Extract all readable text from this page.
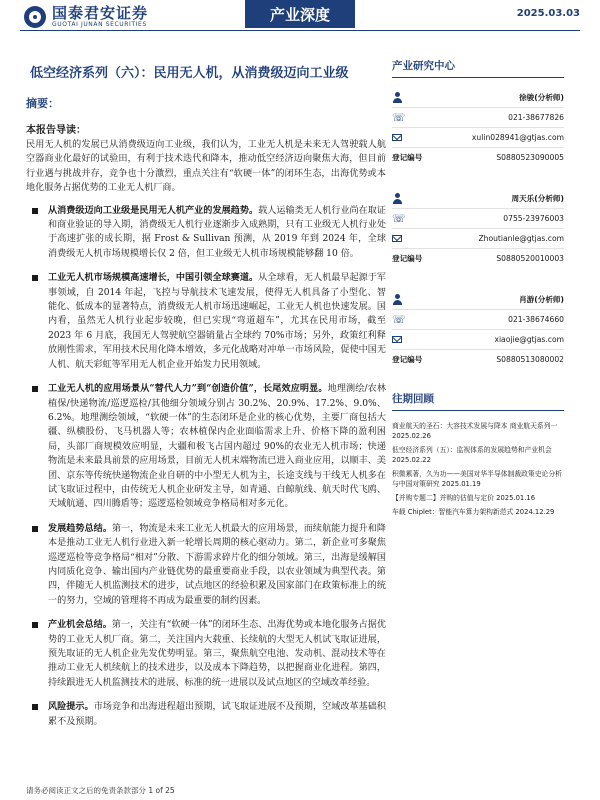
国泰君安证券
GUOTAI JUNAN SECURITIES
产业深度	2025.03.03
低空经济系列（六）：民用无人机，从消费级迈向工业级
摘要：
本报告导读：

民用无人机的发展已从消费级迈向工业级，我们认为，工业无人机是未来无人驾驶载人航空器商业化最好的试验田，有利于技术迭代和降本，推动低空经济迈向聚焦大海，但目前行业遇与挑战并存，竞争也十分激烈，重点关注有“软硬一体”的闭环生态，出海优势或本地化服务占据优势的工业无人机厂商。

从消费级迈向工业级是民用无人机产业的发展趋势。载人运输类无人机行业尚在取证和商业验证的导入期，消费级无人机行业逐渐步入成熟期，只有工业级无人机行业处于高速扩张的成长期，据 Frost & Sullivan 预测，从 2019 年到 2024 年，全球消费级无人机市场规模增长仅 2 倍，但工业级无人机市场规模能够翻 10 倍。
工业无人机市场规模高速增长，中国引领全球赛道。从全球看，无人机最早起源于军事领域，自 2014 年起，飞控与导航技术飞速发展，使得无人机具备了小型化、智能化、低成本的显著特点，消费级无人机市场迅速崛起，工业无人机也快速发展。国内看，虽然无人机行业起步较晚，但已实现“弯道超车”，尤其在民用市场，截至 2023 年 6 月底，我国无人驾驶航空器销量占全球约 70%市场；另外，政策红利释放刚性需求，军用技术民用化降本增效，多元化战略对冲单一市场风险，促使中国无人机、航天彩虹等军用无人机企业开始发力民用领域。
工业无人机的应用场景从“替代人力”到“创造价值”，长尾效应明显。地理测绘/农林植保/快递物流/巡逻巡检/其他细分领域分别占 30.2%、20.9%、17.2%、9.0%、6.2%。地理测绘领域，“软硬一体”的生态闭环是企业的核心优势，主要厂商包括大疆、纵横股份、飞马机器人等；农林植保内企业面临需求上升、价格下降的盈利困局，头部厂商规模效应明显，大疆和极飞占国内超过 90%的农业无人机市场；快递物流是未来最具前景的应用场景，目前无人机末端物流已进入商业应用，以顺丰、美团、京东等传统快递物流企业自研的中小型无人机为主，长途支线与干线无人机多在试飞取证过程中，由传统无人机企业研发主导，如青通、白鲸航线、航天时代飞鸥、天域航通、四川腾盾等；巡逻巡检领域竞争格局相对多元化。
发展趋势总结。第一，物流是未来工业无人机最大的应用场景，而续航能力提升和降本是推动工业无人机行业进入新一轮增长周期的核心驱动力。第二，新企业可多聚焦巡逻巡检等竞争格局“相对”分散、下游需求碎片化的细分领域。第三，出海是缓解国内同质化竞争、输出国内产业链优势的最重要商业手段，以农业领域为典型代表。第四，伴随无人机监测技术的进步，试点地区的经验积累及国家部门在政策标准上的统一的努力，空域的管理将不再成为最重要的制约因素。
产业机会总结。第一，关注有“软硬一体”的闭环生态、出海优势或本地化服务占据优势的工业无人机厂商。第二，关注国内大载重、长续航的大型无人机试飞取证进展，预先取证的无人机企业先发优势明显。第三，聚焦航空电池、发动机、混动技术等在推动工业无人机续航上的技术进步，以及成本下降趋势，以把握商业化进程。第四，持续跟进无人机监测技术的进展、标准的统一进展以及试点地区的空域改革经验。
风险提示。市场竞争和出海进程超出预期，试飞取证进展不及预期，空域改革基础积累不及预期。
产业研究中心
徐骏(分析师)
☏	021-38677826
xulin028941@gtjas.com
登记编号	S0880523090005
周天乐(分析师)
☏	0755-23976003
Zhoutianle@gtjas.com
登记编号	S0880520010003
肖游(分析师)
☏	021-38674660
xiaojie@gtjas.com
登记编号	S0880513080002
往期回顾
商业航天的圣石：大容技术发展与降本 商业航天系列一 2025.02.26
低空经济系列（五）：监视体系的发展趋势和产业机会 2025.02.22
积微累著，久为功——美国对华半导体制裁政策史论分析与中国对策研究 2025.01.19
【并购专题二】并购的估值与定价 2025.01.16
车载 Chiplet：智能汽车算力架构新范式 2024.12.29
请务必阅读正文之后的免责条款部分 1 of 25
